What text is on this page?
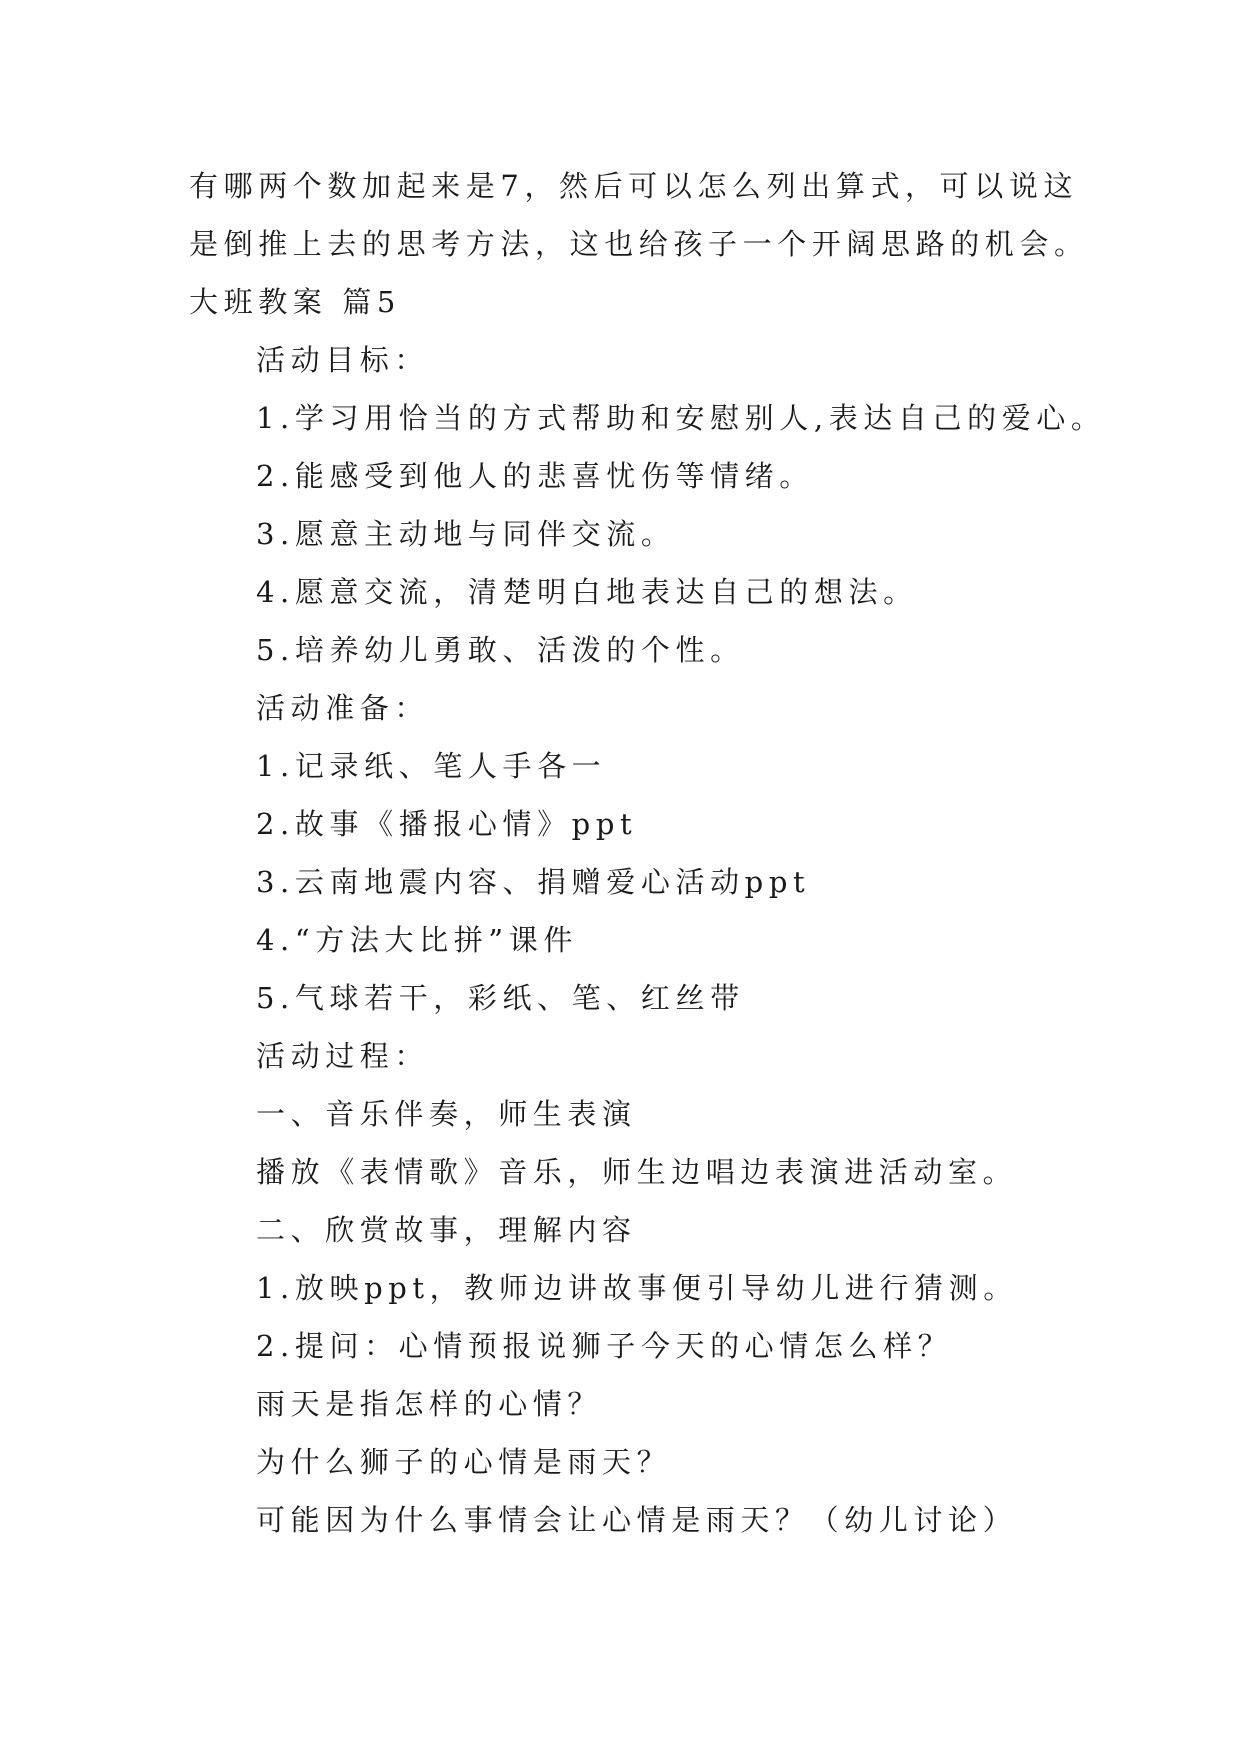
有哪两个数加起来是7，然后可以怎么列出算式，可以说这
是倒推上去的思考方法，这也给孩子一个开阔思路的机会。
大班教案 篇5
活动目标：
1.学习用恰当的方式帮助和安慰别人,表达自己的爱心。
2.能感受到他人的悲喜忧伤等情绪。
3.愿意主动地与同伴交流。
4.愿意交流，清楚明白地表达自己的想法。
5.培养幼儿勇敢、活泼的个性。
活动准备：
1.记录纸、笔人手各一
2.故事《播报心情》ppt
3.云南地震内容、捐赠爱心活动ppt
4.“方法大比拼”课件
5.气球若干，彩纸、笔、红丝带
活动过程：
一、音乐伴奏，师生表演
播放《表情歌》音乐，师生边唱边表演进活动室。
二、欣赏故事，理解内容
1.放映ppt，教师边讲故事便引导幼儿进行猜测。
2.提问：心情预报说狮子今天的心情怎么样？
雨天是指怎样的心情？
为什么狮子的心情是雨天？
可能因为什么事情会让心情是雨天？（幼儿讨论）
